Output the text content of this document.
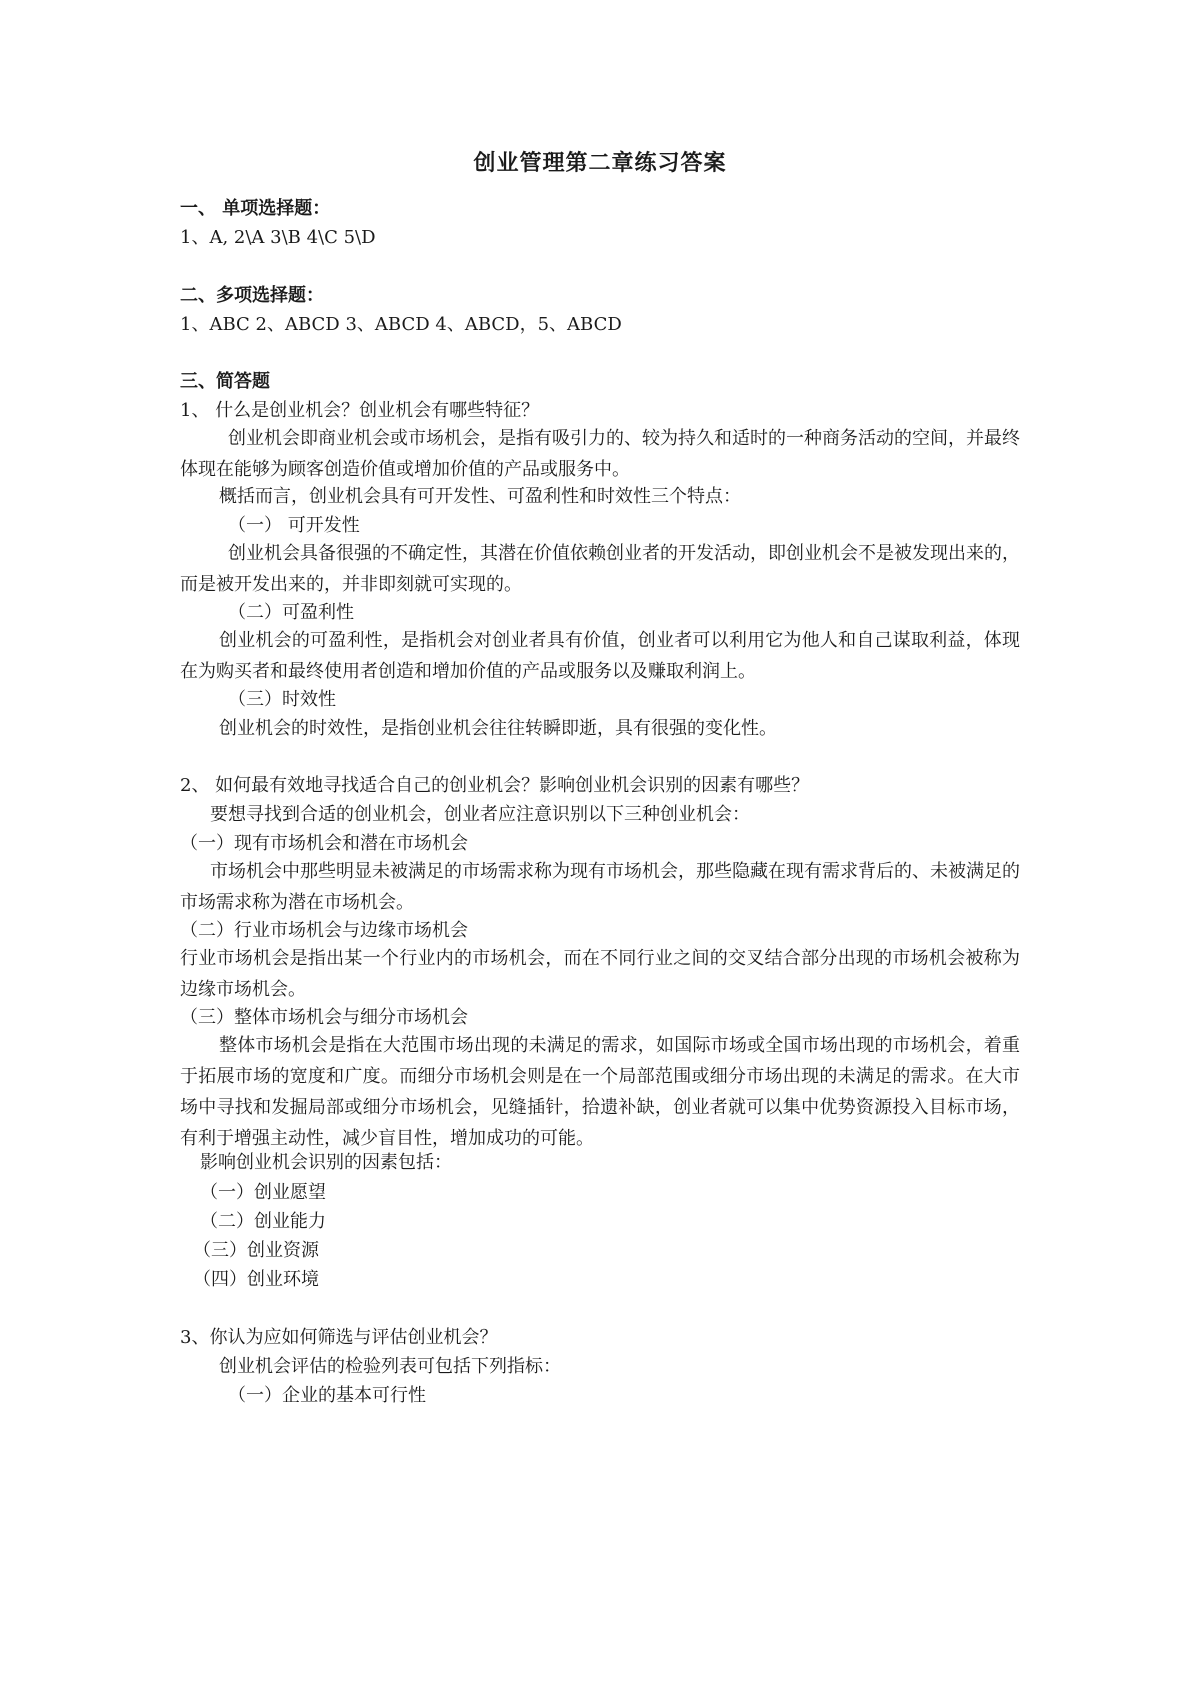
创业管理第二章练习答案
一、 单项选择题：
1、A, 2\A 3\B 4\C 5\D
二、多项选择题：
1、ABC 2、ABCD 3、ABCD 4、ABCD，5、ABCD
三、简答题
1、 什么是创业机会？创业机会有哪些特征？
创业机会即商业机会或市场机会，是指有吸引力的、较为持久和适时的一种商务活动的空间，并最终体现在能够为顾客创造价值或增加价值的产品或服务中。
概括而言，创业机会具有可开发性、可盈利性和时效性三个特点：
（一） 可开发性
创业机会具备很强的不确定性，其潜在价值依赖创业者的开发活动，即创业机会不是被发现出来的，而是被开发出来的，并非即刻就可实现的。
（二）可盈利性
创业机会的可盈利性，是指机会对创业者具有价值，创业者可以利用它为他人和自己谋取利益，体现在为购买者和最终使用者创造和增加价值的产品或服务以及赚取利润上。
（三）时效性
创业机会的时效性，是指创业机会往往转瞬即逝，具有很强的变化性。
2、 如何最有效地寻找适合自己的创业机会？影响创业机会识别的因素有哪些？
要想寻找到合适的创业机会，创业者应注意识别以下三种创业机会：
（一）现有市场机会和潜在市场机会
市场机会中那些明显未被满足的市场需求称为现有市场机会，那些隐藏在现有需求背后的、未被满足的市场需求称为潜在市场机会。
（二）行业市场机会与边缘市场机会
行业市场机会是指出某一个行业内的市场机会，而在不同行业之间的交叉结合部分出现的市场机会被称为边缘市场机会。
（三）整体市场机会与细分市场机会
整体市场机会是指在大范围市场出现的未满足的需求，如国际市场或全国市场出现的市场机会，着重于拓展市场的宽度和广度。而细分市场机会则是在一个局部范围或细分市场出现的未满足的需求。在大市场中寻找和发掘局部或细分市场机会，见缝插针，拾遗补缺，创业者就可以集中优势资源投入目标市场，有利于增强主动性，减少盲目性，增加成功的可能。
影响创业机会识别的因素包括：
（一）创业愿望
（二）创业能力
（三）创业资源
（四）创业环境
3、你认为应如何筛选与评估创业机会？
创业机会评估的检验列表可包括下列指标：
（一）企业的基本可行性
